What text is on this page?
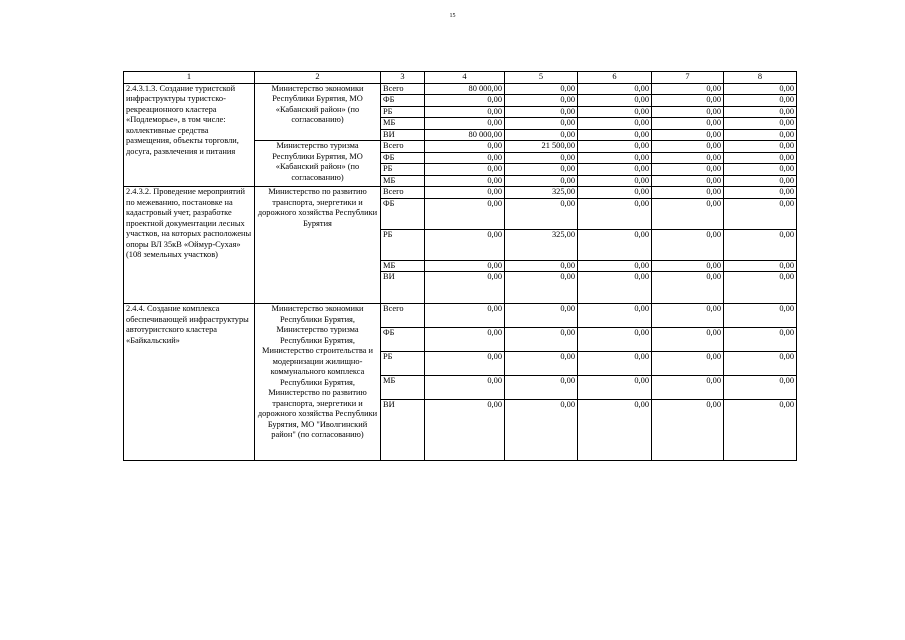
15
1	2	3	4	5	6	7	8
2.4.3.1.3. Создание туристской инфраструктуры туристско-рекреационного кластера «Подлеморье», в том числе: коллективные средства размещения, объекты торговли, досуга, развлечения и питания	Министерство экономики Республики Бурятия, МО «Кабанский район» (по согласованию)	Всего	80 000,00	0,00	0,00	0,00	0,00
		ФБ	0,00	0,00	0,00	0,00	0,00
		РБ	0,00	0,00	0,00	0,00	0,00
		МБ	0,00	0,00	0,00	0,00	0,00
		ВИ	80 000,00	0,00	0,00	0,00	0,00
	Министерство туризма Республики Бурятия, МО «Кабанский район» (по согласованию)	Всего	0,00	21 500,00	0,00	0,00	0,00
		ФБ	0,00	0,00	0,00	0,00	0,00
		РБ	0,00	0,00	0,00	0,00	0,00
		МБ	0,00	0,00	0,00	0,00	0,00
2.4.3.2. Проведение мероприятий по межеванию, постановке на кадастровый учет, разработке проектной документации лесных участков, на которых расположены опоры ВЛ 35кВ «Оймур-Сухая» (108 земельных участков)	Министерство по развитию транспорта, энергетики и дорожного хозяйства Республики Бурятия	Всего	0,00	325,00	0,00	0,00	0,00
		ФБ	0,00	0,00	0,00	0,00	0,00
		РБ	0,00	325,00	0,00	0,00	0,00
		МБ	0,00	0,00	0,00	0,00	0,00
		ВИ	0,00	0,00	0,00	0,00	0,00
2.4.4. Создание комплекса обеспечивающей инфраструктуры автотуристского кластера «Байкальский»	Министерство экономики Республики Бурятия, Министерство туризма Республики Бурятия, Министерство строительства и модернизации жилищно-коммунального комплекса Республики Бурятия, Министерство по развитию транспорта, энергетики и дорожного хозяйства Республики Бурятия, МО "Иволгинский район" (по согласованию)	Всего	0,00	0,00	0,00	0,00	0,00
		ФБ	0,00	0,00	0,00	0,00	0,00
		РБ	0,00	0,00	0,00	0,00	0,00
		МБ	0,00	0,00	0,00	0,00	0,00
		ВИ	0,00	0,00	0,00	0,00	0,00
